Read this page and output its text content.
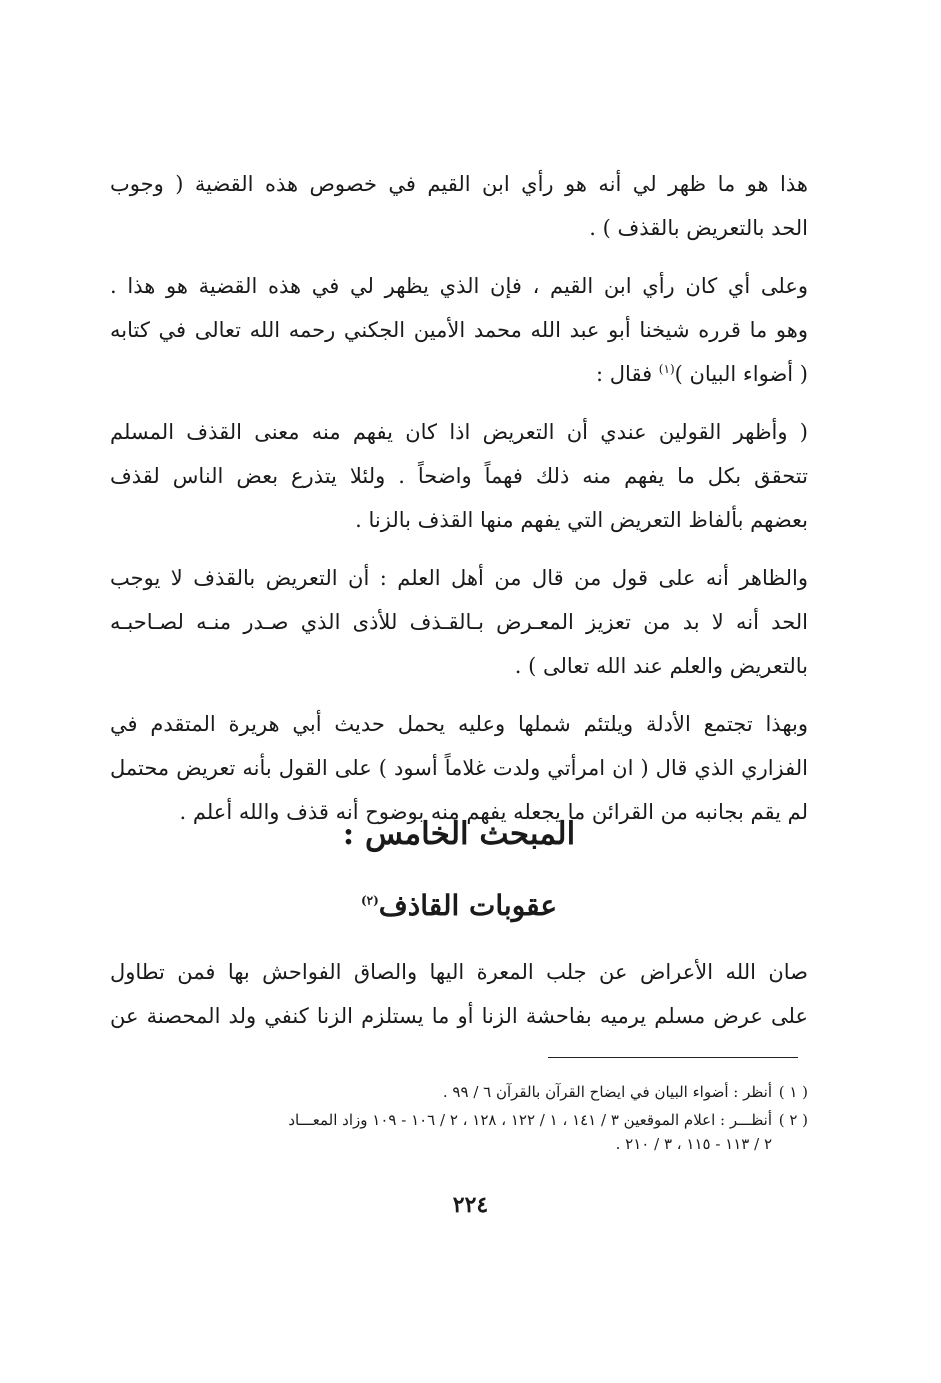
هذا هو ما ظهر لي أنه هو رأي ابن القيم في خصوص هذه القضية ( وجوب
الحد بالتعريض بالقذف ) .

وعلى أي كان رأي ابن القيم ، فإن الذي يظهر لي في هذه القضية هو هذا .
وهو ما قرره شيخنا أبو عبد الله محمد الأمين الجكني رحمه الله تعالى في كتابه
( أضواء البيان )$^{(١)}$ فقال :

( وأظهر القولين عندي أن التعريض اذا كان يفهم منه معنى القذف المسلم
تتحقق بكل ما يفهم منه ذلك فهماً واضحاً . ولئلا يتذرع بعض الناس لقذف
بعضهم بألفاظ التعريض التي يفهم منها القذف بالزنا .

والظاهر أنه على قول من قال من أهل العلم : أن التعريض بالقذف لا يوجب
الحد أنه لا بد من تعزيز المعـرض بـالقـذف للأذى الذي صـدر منـه لصـاحبـه
بالتعريض والعلم عند الله تعالى ) .

وبهذا تجتمع الأدلة ويلتئم شملها وعليه يحمل حديث أبي هريرة المتقدم في
الفزاري الذي قال ( ان امرأتي ولدت غلاماً أسود ) على القول بأنه تعريض محتمل
لم يقم بجانبه من القرائن ما يجعله يفهم منه بوضوح أنه قذف والله أعلم .

المبحث الخامس :
عقوبات القاذف$^{(٢)}$

صان الله الأعراض عن جلب المعرة اليها والصاق الفواحش بها فمن تطاول
على عرض مسلم يرميه بفاحشة الزنا أو ما يستلزم الزنا كنفي ولد المحصنة عن

( ١ )
أنظر : أضواء البيان في ايضاح القرآن بالقرآن ٦ / ٩٩ .
( ٢ )
أنظـــر : اعلام الموقعين ٣ / ١٤١ ، ١ / ١٢٢ ، ١٢٨ ، ٢ / ١٠٦ - ١٠٩ وزاد المعـــاد
٢ / ١١٣ - ١١٥ ، ٣ / ٢١٠ .
٢٢٤
